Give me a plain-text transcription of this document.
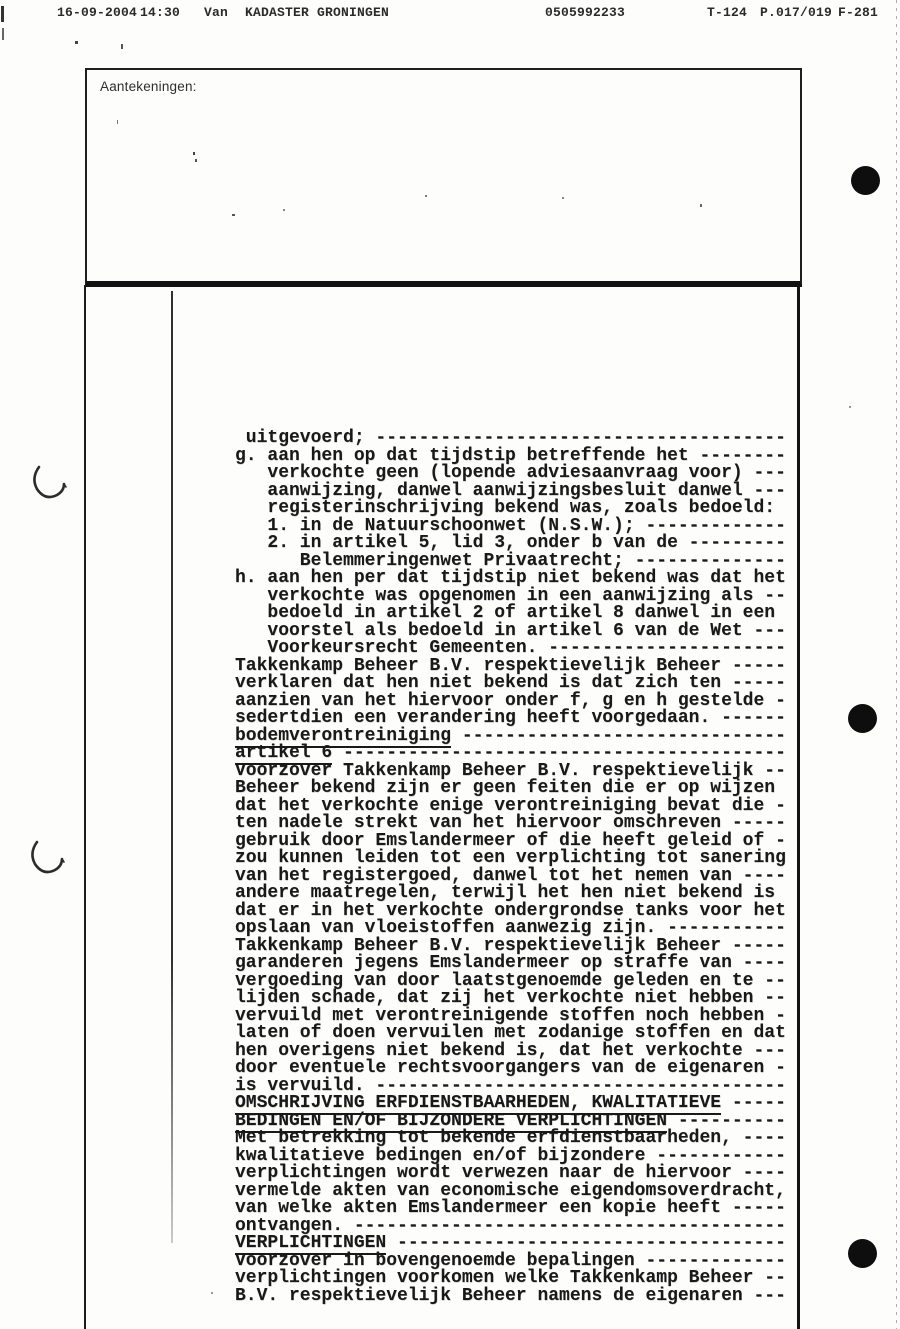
16-09-2004 14:30 Van KADASTER GRONINGEN	0505992233	T-124 P.017/019 F-281
Aantekeningen:
uitgevoerd; --------------------------------------
g. aan hen op dat tijdstip betreffende het --------
verkochte geen (lopende adviesaanvraag voor) ---
aanwijzing, danwel aanwijzingsbesluit danwel ---
registerinschrijving bekend was, zoals bedoeld:
1. in de Natuurschoonwet (N.S.W.); -------------
2. in artikel 5, lid 3, onder b van de ---------
Belemmeringenwet Privaatrecht; --------------
h. aan hen per dat tijdstip niet bekend was dat het
verkochte was opgenomen in een aanwijzing als --
bedoeld in artikel 2 of artikel 8 danwel in een
voorstel als bedoeld in artikel 6 van de Wet ---
Voorkeursrecht Gemeenten. ----------------------
Takkenkamp Beheer B.V. respektievelijk Beheer -----
verklaren dat hen niet bekend is dat zich ten -----
aanzien van het hiervoor onder f, g en h gestelde -
sedertdien een verandering heeft voorgedaan. ------
bodemverontreiniging ------------------------------
artikel 6 -----------------------------------------
Voorzover Takkenkamp Beheer B.V. respektievelijk --
Beheer bekend zijn er geen feiten die er op wijzen
dat het verkochte enige verontreiniging bevat die -
ten nadele strekt van het hiervoor omschreven -----
gebruik door Emslandermeer of die heeft geleid of -
zou kunnen leiden tot een verplichting tot sanering
van het registergoed, danwel tot het nemen van ----
andere maatregelen, terwijl het hen niet bekend is
dat er in het verkochte ondergrondse tanks voor het
opslaan van vloeistoffen aanwezig zijn. -----------
Takkenkamp Beheer B.V. respektievelijk Beheer -----
garanderen jegens Emslandermeer op straffe van ----
vergoeding van door laatstgenoemde geleden en te --
lijden schade, dat zij het verkochte niet hebben --
vervuild met verontreinigende stoffen noch hebben -
laten of doen vervuilen met zodanige stoffen en dat
hen overigens niet bekend is, dat het verkochte ---
door eventuele rechtsvoorgangers van de eigenaren -
is vervuild. --------------------------------------
OMSCHRIJVING ERFDIENSTBAARHEDEN, KWALITATIEVE -----
BEDINGEN EN/OF BIJZONDERE VERPLICHTINGEN ----------
Met betrekking tot bekende erfdienstbaarheden, ----
kwalitatieve bedingen en/of bijzondere ------------
verplichtingen wordt verwezen naar de hiervoor ----
vermelde akten van economische eigendomsoverdracht,
van welke akten Emslandermeer een kopie heeft -----
ontvangen. ----------------------------------------
VERPLICHTINGEN ------------------------------------
Voorzover in bovengenoemde bepalingen -------------
verplichtingen voorkomen welke Takkenkamp Beheer --
B.V. respektievelijk Beheer namens de eigenaren ---
